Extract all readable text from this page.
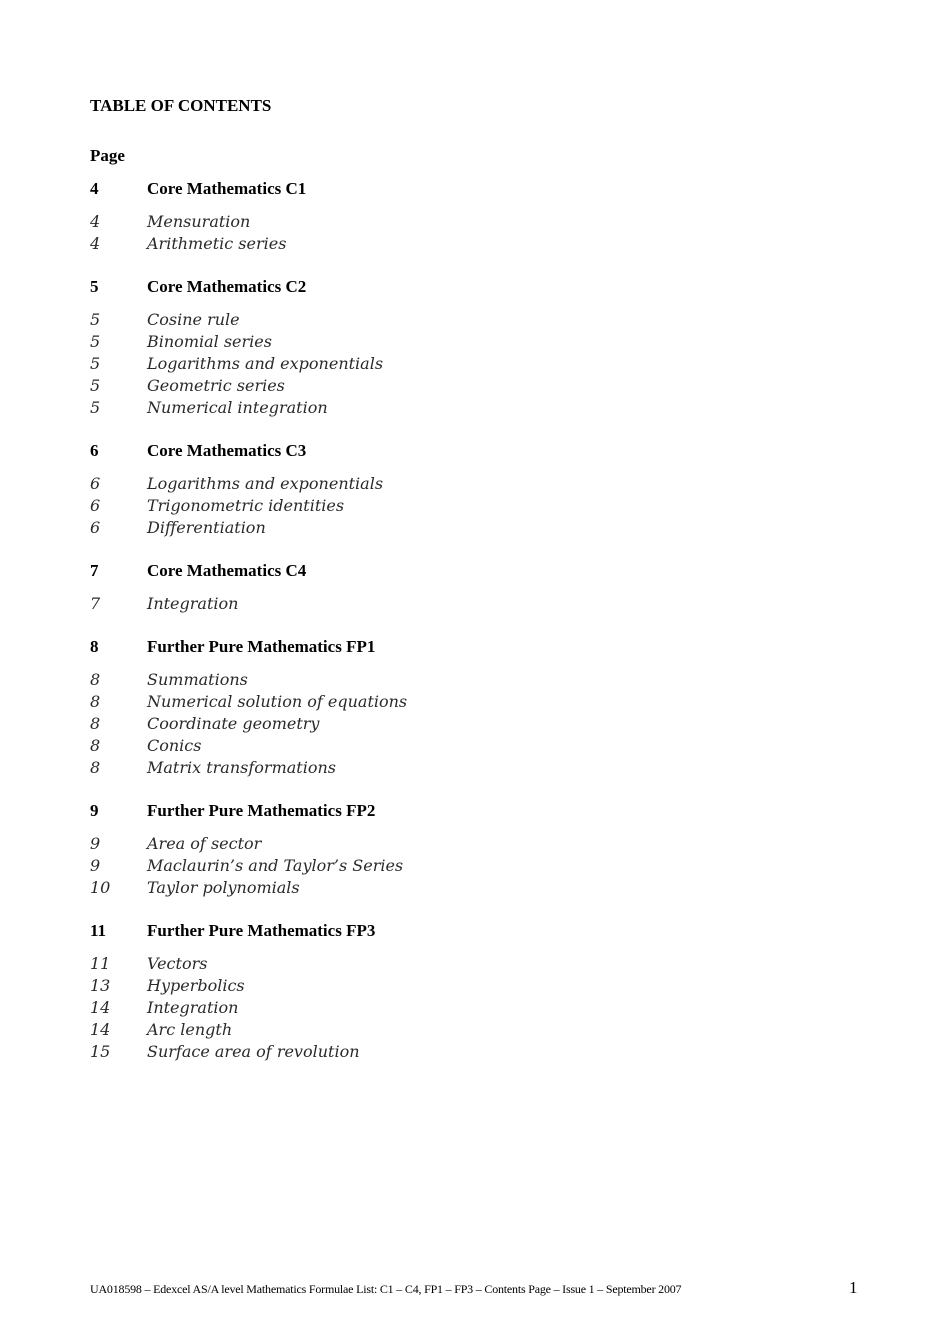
TABLE OF CONTENTS
Page
4	Core Mathematics C1
4	Mensuration
4	Arithmetic series
5	Core Mathematics C2
5	Cosine rule
5	Binomial series
5	Logarithms and exponentials
5	Geometric series
5	Numerical integration
6	Core Mathematics C3
6	Logarithms and exponentials
6	Trigonometric identities
6	Differentiation
7	Core Mathematics C4
7	Integration
8	Further Pure Mathematics FP1
8	Summations
8	Numerical solution of equations
8	Coordinate geometry
8	Conics
8	Matrix transformations
9	Further Pure Mathematics FP2
9	Area of sector
9	Maclaurin’s and Taylor’s Series
10 Taylor polynomials
11 Further Pure Mathematics FP3
11 Vectors
13 Hyperbolics
14 Integration
14 Arc length
15 Surface area of revolution
UA018598 – Edexcel AS/A level Mathematics Formulae List: C1 – C4, FP1 – FP3 – Contents Page – Issue 1 – September 2007	1
